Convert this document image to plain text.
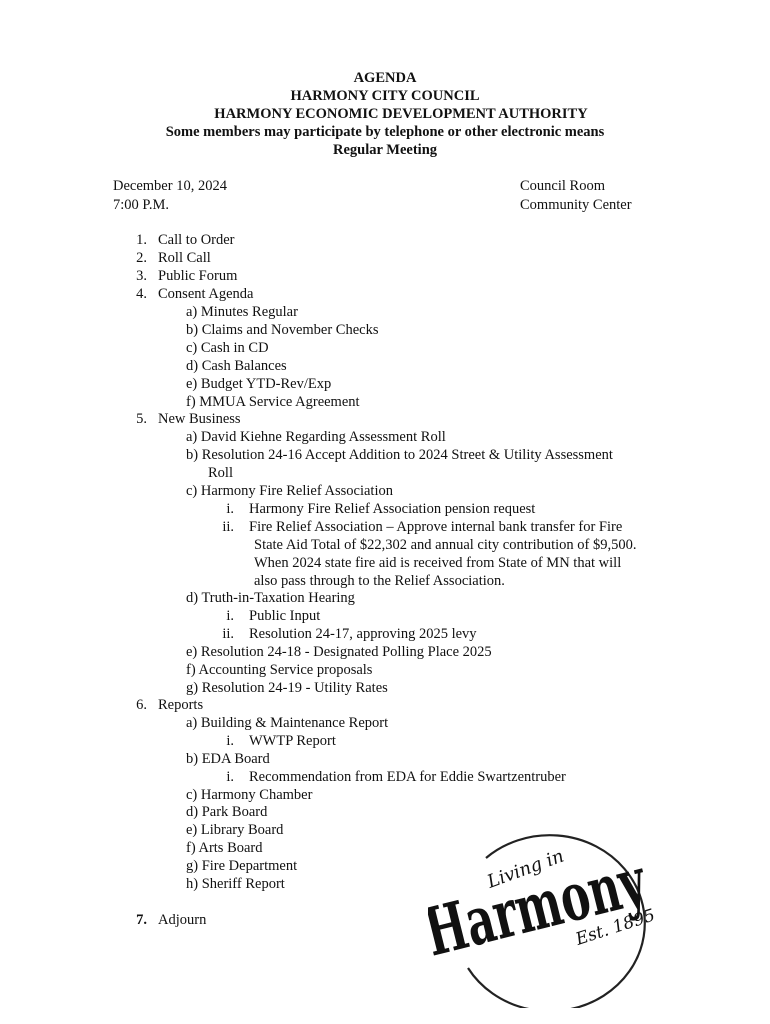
AGENDA
HARMONY CITY COUNCIL
HARMONY ECONOMIC DEVELOPMENT AUTHORITY
Some members may participate by telephone or other electronic means
Regular Meeting
December 10, 2024
7:00 P.M.
Council Room
Community Center
1. Call to Order
2. Roll Call
3. Public Forum
4. Consent Agenda
a) Minutes Regular
b) Claims and November Checks
c) Cash in CD
d) Cash Balances
e) Budget YTD-Rev/Exp
f) MMUA Service Agreement
5. New Business
a) David Kiehne Regarding Assessment Roll
b) Resolution 24-16 Accept Addition to 2024 Street & Utility Assessment
Roll
c) Harmony Fire Relief Association
i. Harmony Fire Relief Association pension request
ii. Fire Relief Association – Approve internal bank transfer for Fire
State Aid Total of $22,302 and annual city contribution of $9,500.
When 2024 state fire aid is received from State of MN that will
also pass through to the Relief Association.
d) Truth-in-Taxation Hearing
i. Public Input
ii. Resolution 24-17, approving 2025 levy
e) Resolution 24-18 - Designated Polling Place 2025
f) Accounting Service proposals
g) Resolution 24-19 - Utility Rates
6. Reports
a) Building & Maintenance Report
i. WWTP Report
b) EDA Board
i. Recommendation from EDA for Eddie Swartzentruber
c) Harmony Chamber
d) Park Board
e) Library Board
f) Arts Board
g) Fire Department
h) Sheriff Report
7. Adjourn
Living in
Harmony
Est. 1895
